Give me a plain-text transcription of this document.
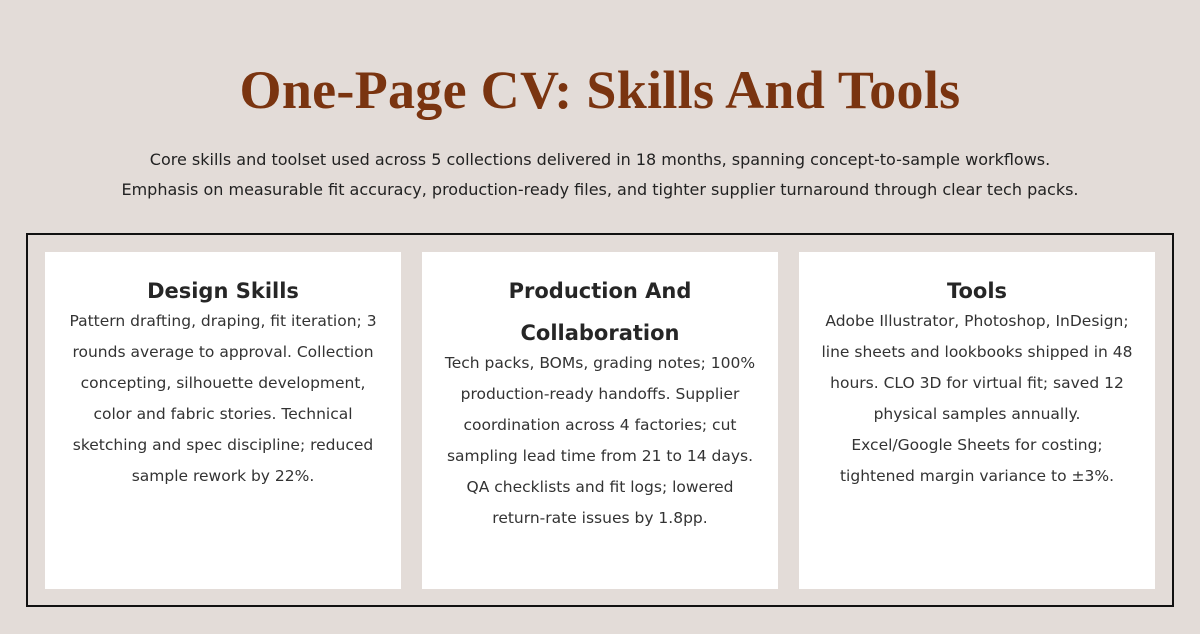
One-Page CV: Skills And Tools

Core skills and toolset used across 5 collections delivered in 18 months, spanning concept-to-sample workflows.
Emphasis on measurable fit accuracy, production-ready files, and tighter supplier turnaround through clear tech packs.

Design Skills

Pattern drafting, draping, fit iteration; 3 rounds average to approval. Collection concepting, silhouette development, color and fabric stories. Technical sketching and spec discipline; reduced sample rework by 22%.

Production And Collaboration

Tech packs, BOMs, grading notes; 100% production-ready handoffs. Supplier coordination across 4 factories; cut sampling lead time from 21 to 14 days. QA checklists and fit logs; lowered return-rate issues by 1.8pp.

Tools

Adobe Illustrator, Photoshop, InDesign; line sheets and lookbooks shipped in 48 hours. CLO 3D for virtual fit; saved 12 physical samples annually. Excel/Google Sheets for costing; tightened margin variance to ±3%.
